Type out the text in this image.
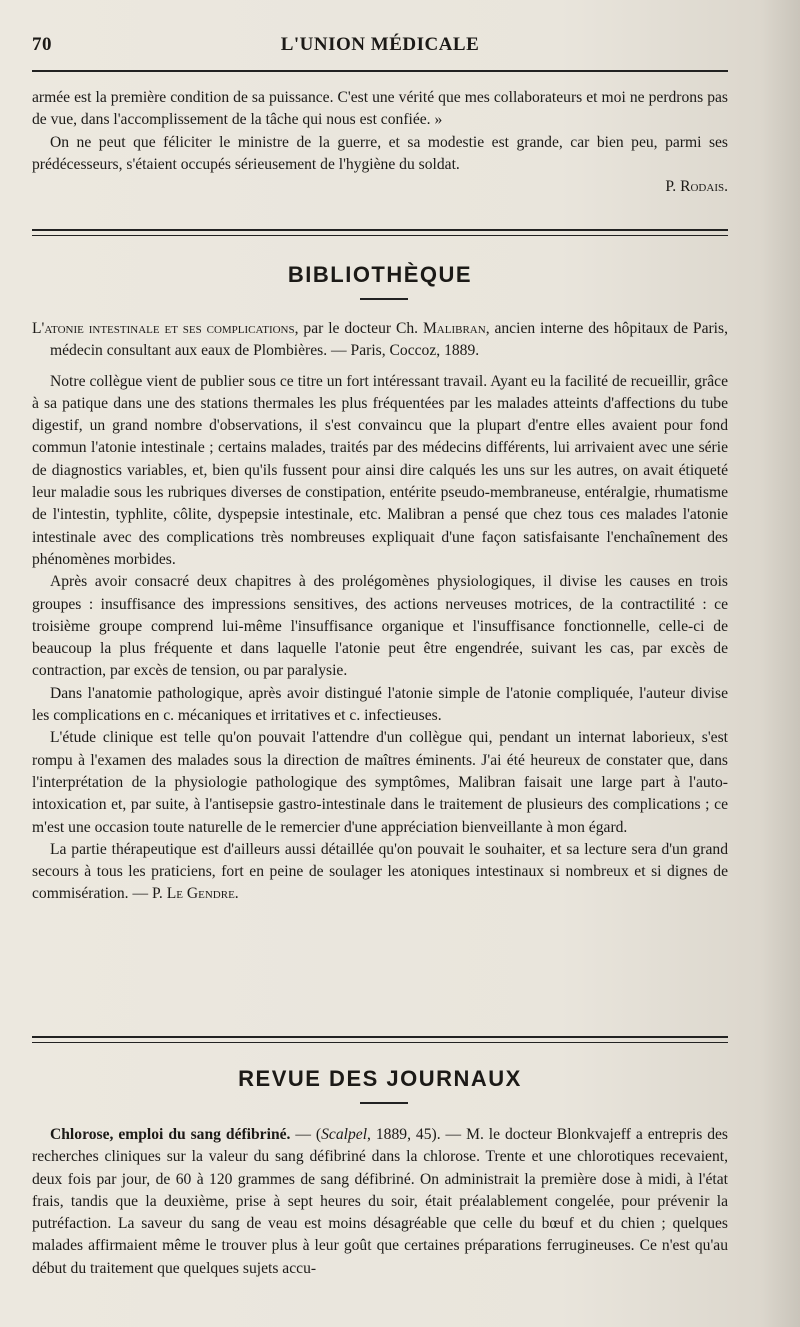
70	L'UNION MÉDICALE

armée est la première condition de sa puissance. C'est une vérité que mes collaborateurs et moi ne perdrons pas de vue, dans l'accomplissement de la tâche qui nous est confiée. »

On ne peut que féliciter le ministre de la guerre, et sa modestie est grande, car bien peu, parmi ses prédécesseurs, s'étaient occupés sérieusement de l'hygiène du soldat.

P. Rodais.

BIBLIOTHÈQUE

L'atonie intestinale et ses complications, par le docteur Ch. Malibran, ancien interne des hôpitaux de Paris, médecin consultant aux eaux de Plombières. — Paris, Coccoz, 1889.

Notre collègue vient de publier sous ce titre un fort intéressant travail. Ayant eu la facilité de recueillir, grâce à sa patique dans une des stations thermales les plus fréquentées par les malades atteints d'affections du tube digestif, un grand nombre d'observations, il s'est convaincu que la plupart d'entre elles avaient pour fond commun l'atonie intestinale ; certains malades, traités par des médecins différents, lui arrivaient avec une série de diagnostics variables, et, bien qu'ils fussent pour ainsi dire calqués les uns sur les autres, on avait étiqueté leur maladie sous les rubriques diverses de constipation, entérite pseudo-membraneuse, entéralgie, rhumatisme de l'intestin, typhlite, côlite, dyspepsie intestinale, etc. Malibran a pensé que chez tous ces malades l'atonie intestinale avec des complications très nombreuses expliquait d'une façon satisfaisante l'enchaînement des phénomènes morbides.

Après avoir consacré deux chapitres à des prolégomènes physiologiques, il divise les causes en trois groupes : insuffisance des impressions sensitives, des actions nerveuses motrices, de la contractilité : ce troisième groupe comprend lui-même l'insuffisance organique et l'insuffisance fonctionnelle, celle-ci de beaucoup la plus fréquente et dans laquelle l'atonie peut être engendrée, suivant les cas, par excès de contraction, par excès de tension, ou par paralysie.

Dans l'anatomie pathologique, après avoir distingué l'atonie simple de l'atonie compliquée, l'auteur divise les complications en c. mécaniques et irritatives et c. infectieuses.

L'étude clinique est telle qu'on pouvait l'attendre d'un collègue qui, pendant un internat laborieux, s'est rompu à l'examen des malades sous la direction de maîtres éminents. J'ai été heureux de constater que, dans l'interprétation de la physiologie pathologique des symptômes, Malibran faisait une large part à l'auto-intoxication et, par suite, à l'antisepsie gastro-intestinale dans le traitement de plusieurs des complications ; ce m'est une occasion toute naturelle de le remercier d'une appréciation bienveillante à mon égard.

La partie thérapeutique est d'ailleurs aussi détaillée qu'on pouvait le souhaiter, et sa lecture sera d'un grand secours à tous les praticiens, fort en peine de soulager les atoniques intestinaux si nombreux et si dignes de commisération. — P. Le Gendre.

REVUE DES JOURNAUX

Chlorose, emploi du sang défibriné. — (Scalpel, 1889, 45). — M. le docteur Blonkvajeff a entrepris des recherches cliniques sur la valeur du sang défibriné dans la chlorose. Trente et une chlorotiques recevaient, deux fois par jour, de 60 à 120 grammes de sang défibriné. On administrait la première dose à midi, à l'état frais, tandis que la deuxième, prise à sept heures du soir, était préalablement congelée, pour prévenir la putréfaction. La saveur du sang de veau est moins désagréable que celle du bœuf et du chien ; quelques malades affirmaient même le trouver plus à leur goût que certaines préparations ferrugineuses. Ce n'est qu'au début du traitement que quelques sujets accu-
